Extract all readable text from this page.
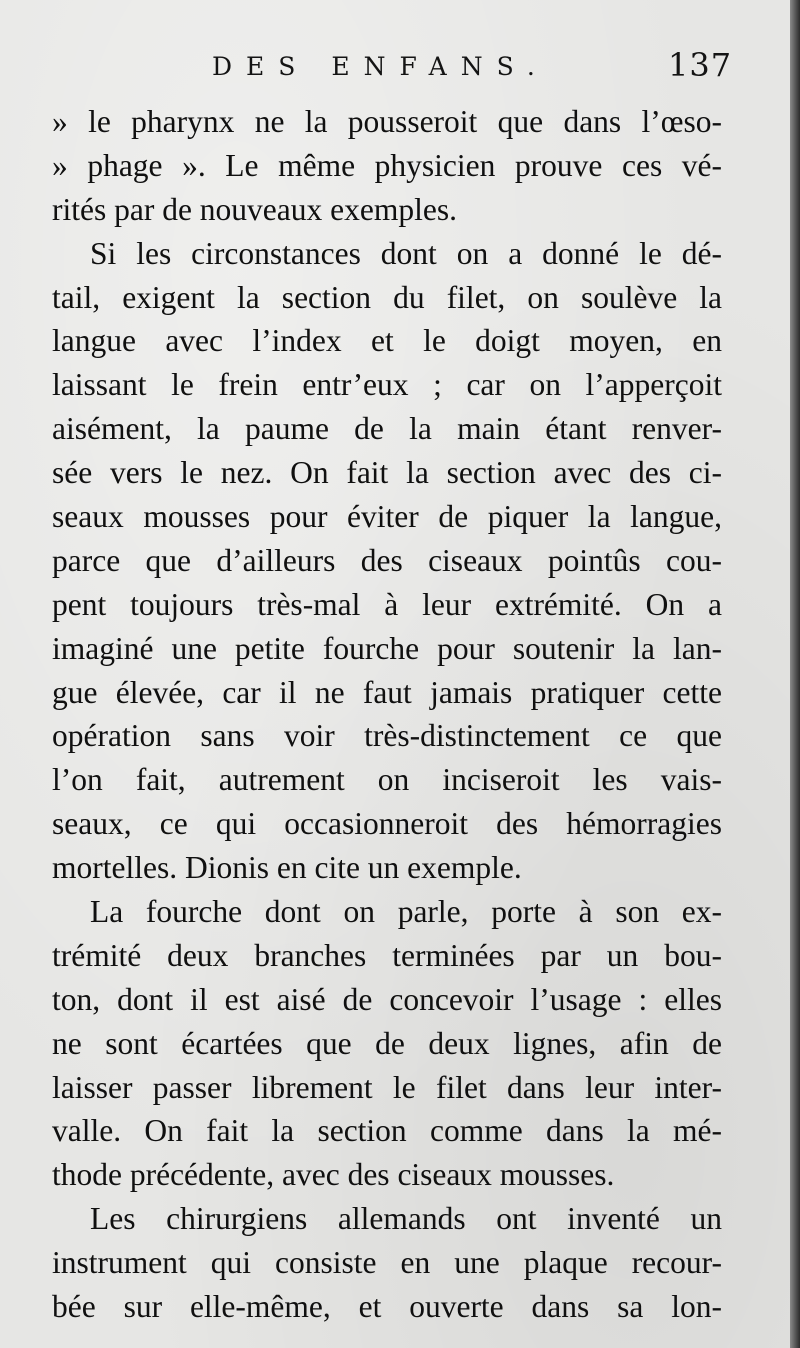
DES ENFANS.	137
» le pharynx ne la pousseroit que dans l’œso-
» phage ». Le même physicien prouve ces vé-
rités par de nouveaux exemples.
Si les circonstances dont on a donné le dé-
tail, exigent la section du filet, on soulève la
langue avec l’index et le doigt moyen, en
laissant le frein entr’eux ; car on l’apperçoit
aisément, la paume de la main étant renver-
sée vers le nez. On fait la section avec des ci-
seaux mousses pour éviter de piquer la langue,
parce que d’ailleurs des ciseaux pointûs cou-
pent toujours très-mal à leur extrémité. On a
imaginé une petite fourche pour soutenir la lan-
gue élevée, car il ne faut jamais pratiquer cette
opération sans voir très-distinctement ce que
l’on fait, autrement on inciseroit les vais-
seaux, ce qui occasionneroit des hémorragies
mortelles. Dionis en cite un exemple.
La fourche dont on parle, porte à son ex-
trémité deux branches terminées par un bou-
ton, dont il est aisé de concevoir l’usage : elles
ne sont écartées que de deux lignes, afin de
laisser passer librement le filet dans leur inter-
valle. On fait la section comme dans la mé-
thode précédente, avec des ciseaux mousses.
Les chirurgiens allemands ont inventé un
instrument qui consiste en une plaque recour-
bée sur elle-même, et ouverte dans sa lon-
